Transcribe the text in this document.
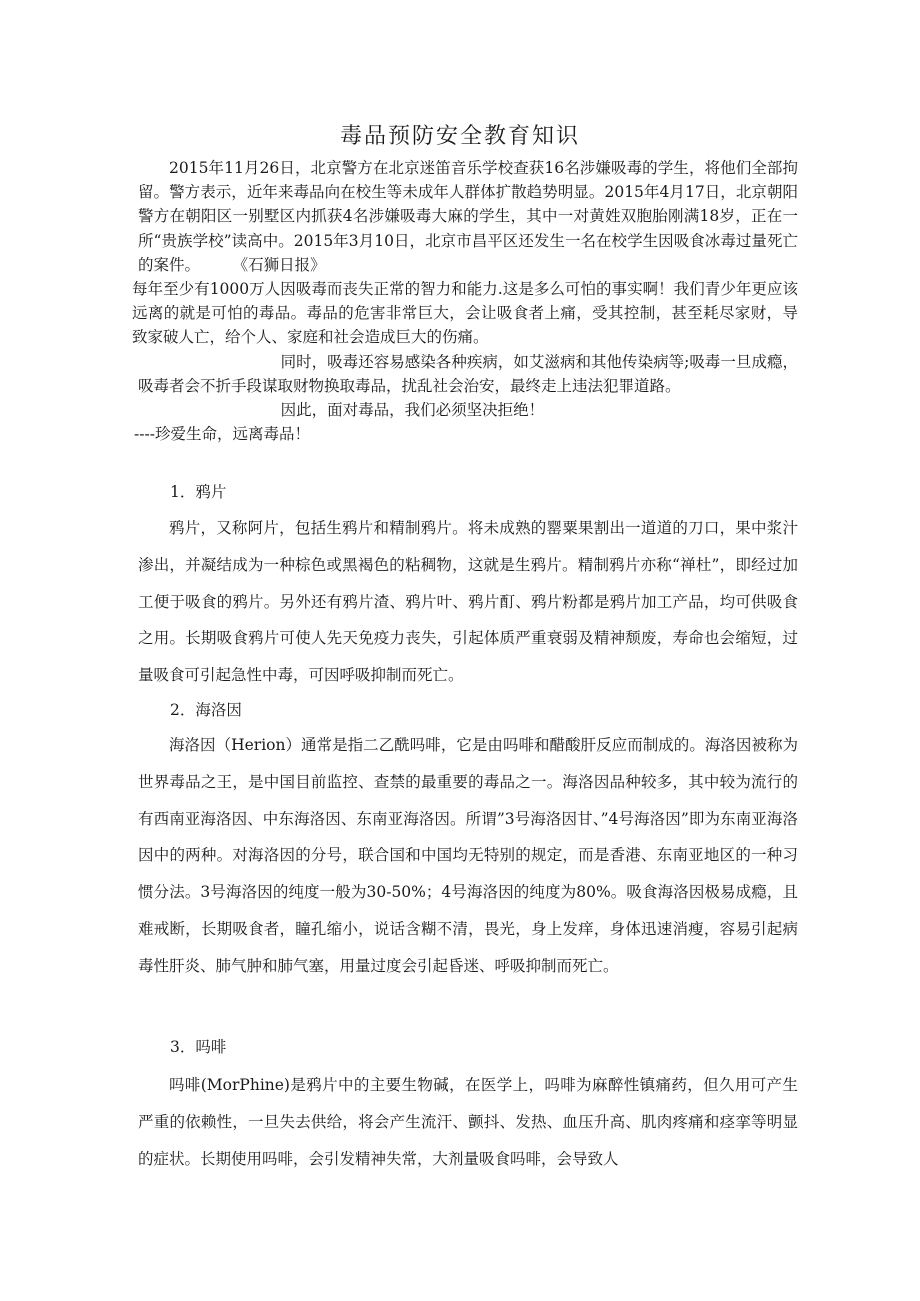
毒品预防安全教育知识

2015年11月26日，北京警方在北京迷笛音乐学校查获16名涉嫌吸毒的学生，将他们全部拘留。警方表示，近年来毒品向在校生等未成年人群体扩散趋势明显。2015年4月17日，北京朝阳警方在朝阳区一别墅区内抓获4名涉嫌吸毒大麻的学生，其中一对黄姓双胞胎刚满18岁，正在一所“贵族学校”读高中。2015年3月10日，北京市昌平区还发生一名在校学生因吸食冰毒过量死亡的案件。	《石狮日报》

每年至少有1000万人因吸毒而丧失正常的智力和能力.这是多么可怕的事实啊！我们青少年更应该远离的就是可怕的毒品。毒品的危害非常巨大，会让吸食者上痛，受其控制，甚至耗尽家财，导致家破人亡，给个人、家庭和社会造成巨大的伤痛。

同时，吸毒还容易感染各种疾病，如艾滋病和其他传染病等;吸毒一旦成瘾，吸毒者会不折手段谋取财物换取毒品，扰乱社会治安，最终走上违法犯罪道路。

因此，面对毒品，我们必须坚决拒绝！

----珍爱生命，远离毒品！

1．鸦片

鸦片，又称阿片，包括生鸦片和精制鸦片。将未成熟的罂粟果割出一道道的刀口，果中浆汁渗出，并凝结成为一种棕色或黑褐色的粘稠物，这就是生鸦片。精制鸦片亦称“禅杜”，即经过加工便于吸食的鸦片。另外还有鸦片渣、鸦片叶、鸦片酊、鸦片粉都是鸦片加工产品，均可供吸食之用。长期吸食鸦片可使人先天免疫力丧失，引起体质严重衰弱及精神颓废，寿命也会缩短，过量吸食可引起急性中毒，可因呼吸抑制而死亡。

2．海洛因

海洛因（Herion）通常是指二乙酰吗啡，它是由吗啡和醋酸肝反应而制成的。海洛因被称为世界毒品之王，是中国目前监控、查禁的最重要的毒品之一。海洛因品种较多，其中较为流行的有西南亚海洛因、中东海洛因、东南亚海洛因。所谓”3号海洛因甘、”4号海洛因”即为东南亚海洛因中的两种。对海洛因的分号，联合国和中国均无特别的规定，而是香港、东南亚地区的一种习惯分法。3号海洛因的纯度一般为30-50%；4号海洛因的纯度为80%。吸食海洛因极易成瘾，且难戒断，长期吸食者，瞳孔缩小，说话含糊不清，畏光，身上发痒，身体迅速消瘦，容易引起病毒性肝炎、肺气肿和肺气塞，用量过度会引起昏迷、呼吸抑制而死亡。

3．吗啡

吗啡(MorPhine)是鸦片中的主要生物碱，在医学上，吗啡为麻醉性镇痛药，但久用可产生严重的依赖性，一旦失去供给，将会产生流汗、颤抖、发热、血压升高、肌肉疼痛和痉挛等明显的症状。长期使用吗啡，会引发精神失常，大剂量吸食吗啡，会导致人
